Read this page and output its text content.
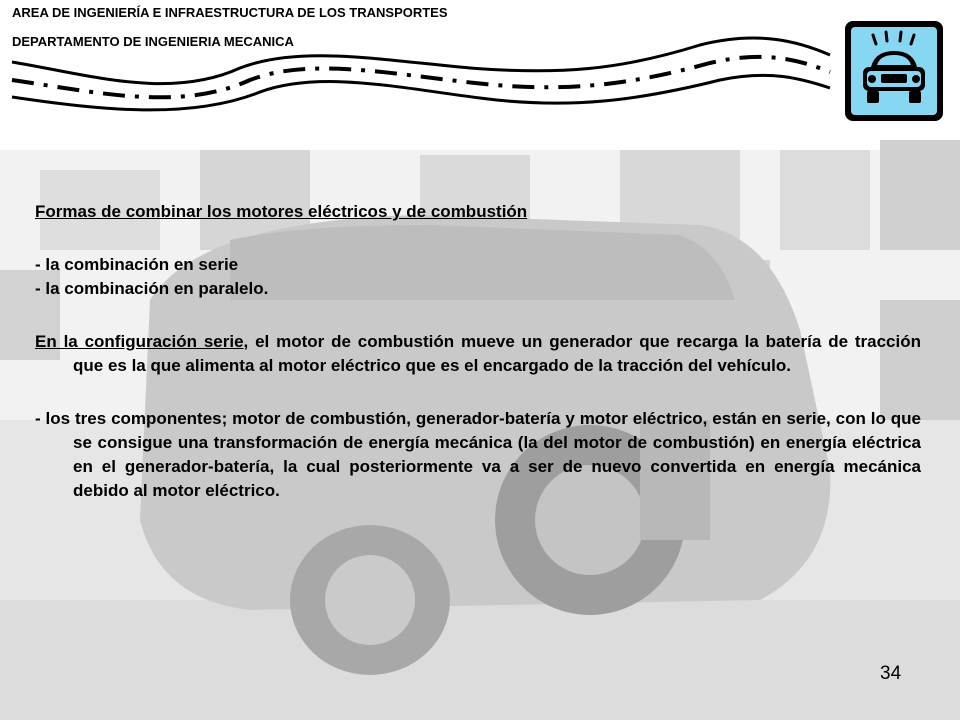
AREA DE INGENIERÍA E INFRAESTRUCTURA DE LOS TRANSPORTES
DEPARTAMENTO DE INGENIERIA MECANICA

Formas de combinar los motores eléctricos y de combustión

- la combinación en serie

- la combinación en paralelo.

En la configuración serie, el motor de combustión mueve un generador que recarga la batería de tracción que es la que alimenta al motor eléctrico que es el encargado de la tracción del vehículo.

- los tres componentes; motor de combustión, generador-batería y motor eléctrico, están en serie, con lo que se consigue una transformación de energía mecánica (la del motor de combustión) en energía eléctrica en el generador-batería, la cual posteriormente va a ser de nuevo convertida en energía mecánica debido al motor eléctrico.

34
